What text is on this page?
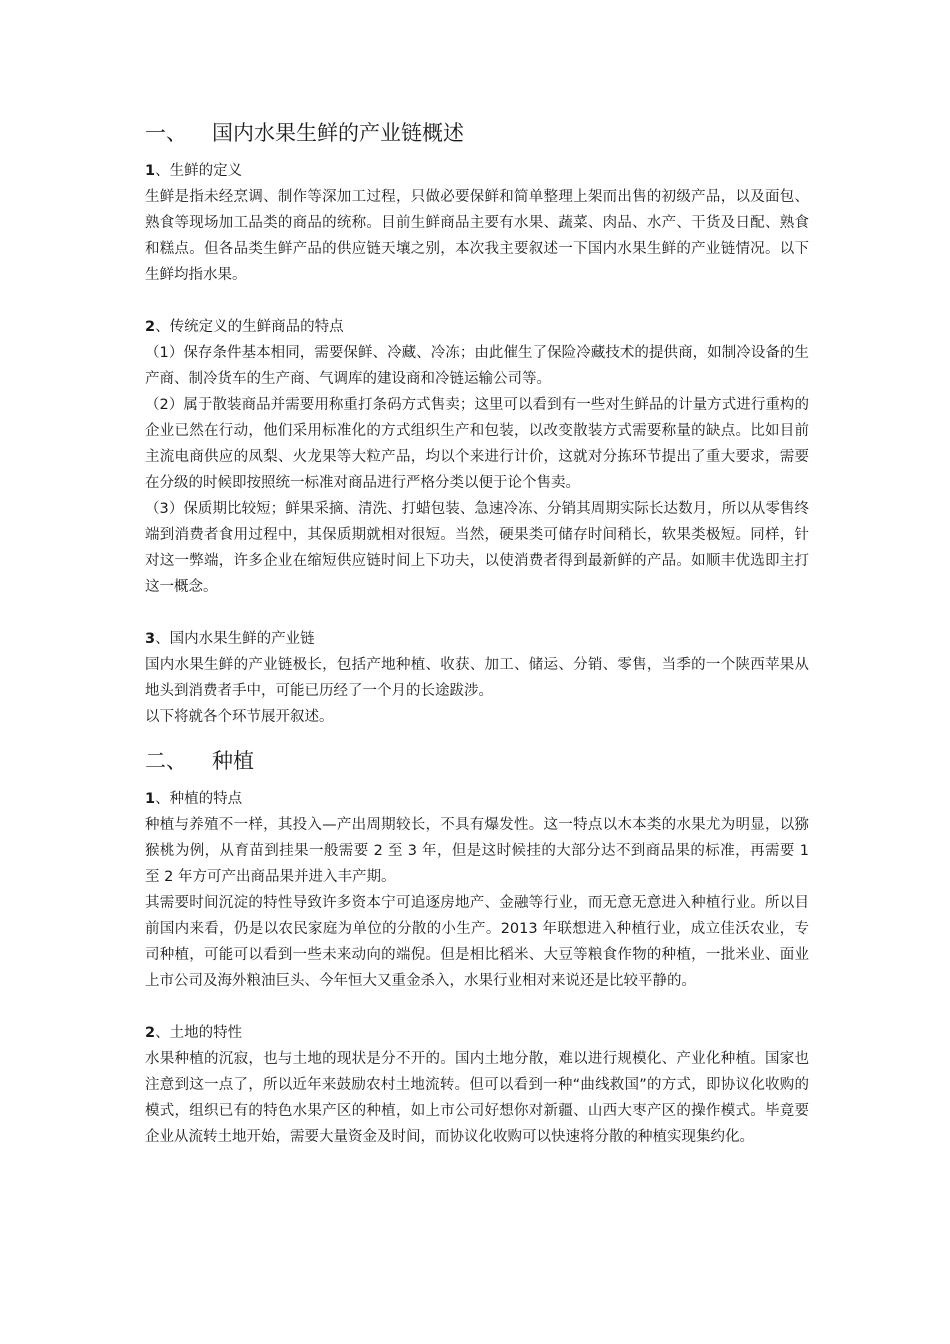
一、	国内水果生鲜的产业链概述

1、生鲜的定义

生鲜是指未经烹调、制作等深加工过程，只做必要保鲜和简单整理上架而出售的初级产品，以及面包、熟食等现场加工品类的商品的统称。目前生鲜商品主要有水果、蔬菜、肉品、水产、干货及日配、熟食和糕点。但各品类生鲜产品的供应链天壤之别，本次我主要叙述一下国内水果生鲜的产业链情况。以下生鲜均指水果。

2、传统定义的生鲜商品的特点

（1）保存条件基本相同，需要保鲜、冷藏、冷冻；由此催生了保险冷藏技术的提供商，如制冷设备的生产商、制冷货车的生产商、气调库的建设商和冷链运输公司等。

（2）属于散装商品并需要用称重打条码方式售卖；这里可以看到有一些对生鲜品的计量方式进行重构的企业已然在行动，他们采用标准化的方式组织生产和包装，以改变散装方式需要称量的缺点。比如目前主流电商供应的凤梨、火龙果等大粒产品，均以个来进行计价，这就对分拣环节提出了重大要求，需要在分级的时候即按照统一标准对商品进行严格分类以便于论个售卖。

（3）保质期比较短；鲜果采摘、清洗、打蜡包装、急速冷冻、分销其周期实际长达数月，所以从零售终端到消费者食用过程中，其保质期就相对很短。当然，硬果类可储存时间稍长，软果类极短。同样，针对这一弊端，许多企业在缩短供应链时间上下功夫，以使消费者得到最新鲜的产品。如顺丰优选即主打这一概念。

3、国内水果生鲜的产业链

国内水果生鲜的产业链极长，包括产地种植、收获、加工、储运、分销、零售，当季的一个陕西苹果从地头到消费者手中，可能已历经了一个月的长途跋涉。

以下将就各个环节展开叙述。

二、	种植

1、种植的特点

种植与养殖不一样，其投入—产出周期较长，不具有爆发性。这一特点以木本类的水果尤为明显，以猕猴桃为例，从育苗到挂果一般需要 2 至 3 年，但是这时候挂的大部分达不到商品果的标准，再需要 1 至 2 年方可产出商品果并进入丰产期。

其需要时间沉淀的特性导致许多资本宁可追逐房地产、金融等行业，而无意无意进入种植行业。所以目前国内来看，仍是以农民家庭为单位的分散的小生产。2013 年联想进入种植行业，成立佳沃农业，专司种植，可能可以看到一些未来动向的端倪。但是相比稻米、大豆等粮食作物的种植，一批米业、面业上市公司及海外粮油巨头、今年恒大又重金杀入，水果行业相对来说还是比较平静的。

2、土地的特性

水果种植的沉寂，也与土地的现状是分不开的。国内土地分散，难以进行规模化、产业化种植。国家也注意到这一点了，所以近年来鼓励农村土地流转。但可以看到一种“曲线救国”的方式，即协议化收购的模式，组织已有的特色水果产区的种植，如上市公司好想你对新疆、山西大枣产区的操作模式。毕竟要企业从流转土地开始，需要大量资金及时间，而协议化收购可以快速将分散的种植实现集约化。
